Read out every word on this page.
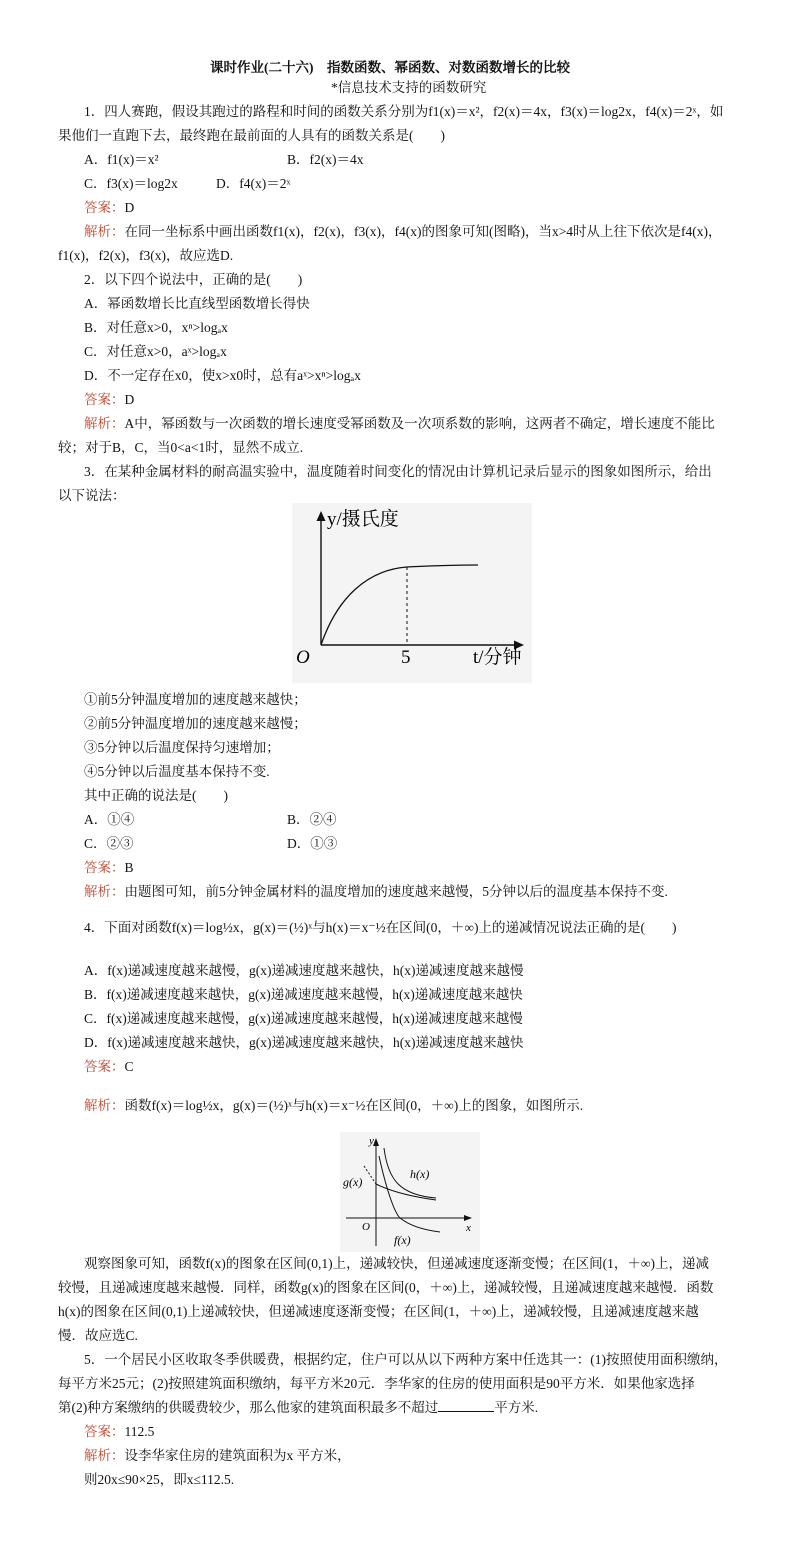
课时作业(二十六)　指数函数、幂函数、对数函数增长的比较
*信息技术支持的函数研究
1．四人赛跑，假设其跑过的路程和时间的函数关系分别为f1(x)＝x²，f2(x)＝4x，f3(x)＝log2x，f4(x)＝2ˣ，如
果他们一直跑下去，最终跑在最前面的人具有的函数关系是(　　)
A．f1(x)＝x²	B．f2(x)＝4x
C．f3(x)＝log2x	D．f4(x)＝2ˣ
答案：D
解析：在同一坐标系中画出函数f1(x)，f2(x)，f3(x)，f4(x)的图象可知(图略)，当x>4时从上往下依次是f4(x)，
f1(x)，f2(x)，f3(x)，故应选D.
2．以下四个说法中，正确的是(　　)
A．幂函数增长比直线型函数增长得快
B．对任意x>0，xⁿ>logₐx
C．对任意x>0，aˣ>logₐx
D．不一定存在x0，使x>x0时，总有aˣ>xⁿ>logₐx
答案：D
解析：A中，幂函数与一次函数的增长速度受幂函数及一次项系数的影响，这两者不确定，增长速度不能比
较；对于B，C，当0<a<1时，显然不成立.
3．在某种金属材料的耐高温实验中，温度随着时间变化的情况由计算机记录后显示的图象如图所示，给出
以下说法：
y/摄氏度
t/分钟
O	5
①前5分钟温度增加的速度越来越快；
②前5分钟温度增加的速度越来越慢；
③5分钟以后温度保持匀速增加；
④5分钟以后温度基本保持不变.
其中正确的说法是(　　)
A．①④	B．②④
C．②③	D．①③
答案：B
解析：由题图可知，前5分钟金属材料的温度增加的速度越来越慢，5分钟以后的温度基本保持不变.
4．下面对函数f(x)＝log½x，g(x)＝(½)ˣ与h(x)＝x⁻½在区间(0，＋∞)上的递减情况说法正确的是(　　)
A．f(x)递减速度越来越慢，g(x)递减速度越来越快，h(x)递减速度越来越慢
B．f(x)递减速度越来越快，g(x)递减速度越来越慢，h(x)递减速度越来越快
C．f(x)递减速度越来越慢，g(x)递减速度越来越慢，h(x)递减速度越来越慢
D．f(x)递减速度越来越快，g(x)递减速度越来越快，h(x)递减速度越来越快
答案：C
解析：函数f(x)＝log½x，g(x)＝(½)ˣ与h(x)＝x⁻½在区间(0，＋∞)上的图象，如图所示.
y
x
O
h(x)
g(x)
f(x)
观察图象可知，函数f(x)的图象在区间(0,1)上，递减较快，但递减速度逐渐变慢；在区间(1，＋∞)上，递减
较慢，且递减速度越来越慢．同样，函数g(x)的图象在区间(0，＋∞)上，递减较慢，且递减速度越来越慢．函数
h(x)的图象在区间(0,1)上递减较快，但递减速度逐渐变慢；在区间(1，＋∞)上，递减较慢，且递减速度越来越
慢．故应选C.
5．一个居民小区收取冬季供暖费，根据约定，住户可以从以下两种方案中任选其一：(1)按照使用面积缴纳，
每平方米25元；(2)按照建筑面积缴纳，每平方米20元．李华家的住房的使用面积是90平方米．如果他家选择
第(2)种方案缴纳的供暖费较少，那么他家的建筑面积最多不超过	平方米.
答案：112.5
解析：设李华家住房的建筑面积为x 平方米，
则20x≤90×25，即x≤112.5.
